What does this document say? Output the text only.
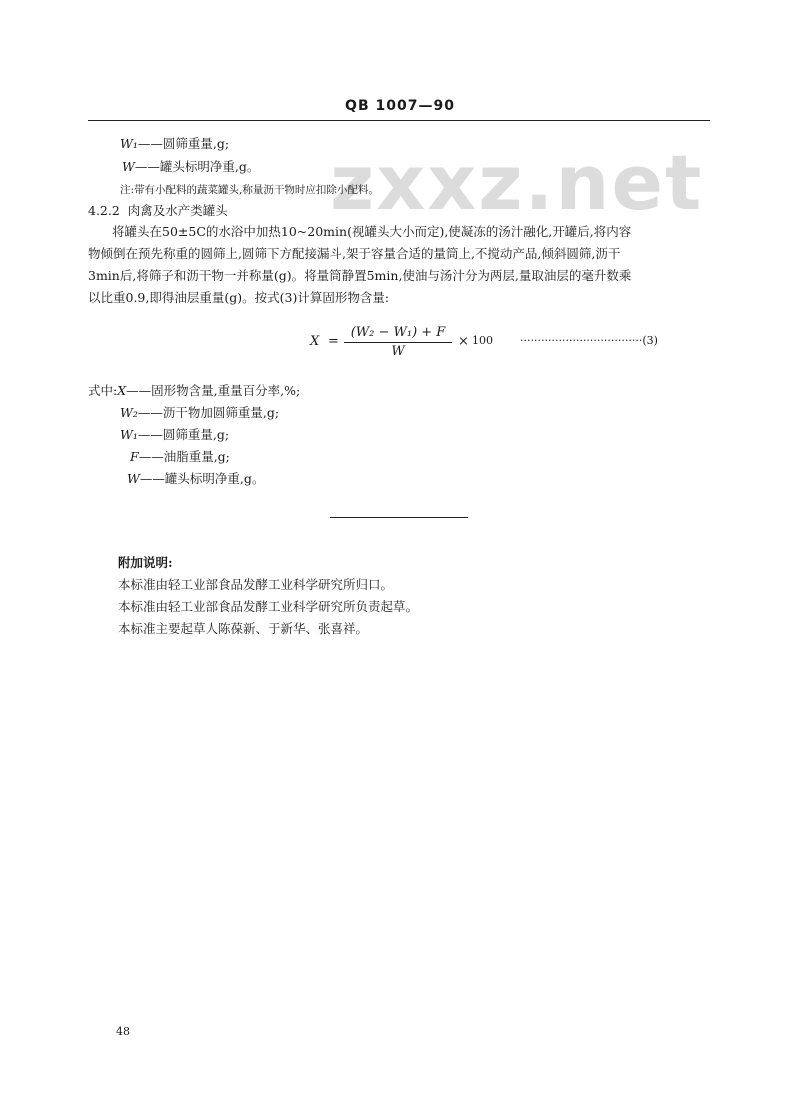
QB 1007—90
zxxz.net
W₁——圆筛重量,g;
W——罐头标明净重,g。
注:带有小配料的蔬菜罐头,称量沥干物时应扣除小配料。
4.2.2 肉禽及水产类罐头
将罐头在50±5C的水浴中加热10~20min(视罐头大小而定),使凝冻的汤汁融化,开罐后,将内容
物倾倒在预先称重的圆筛上,圆筛下方配接漏斗,架于容量合适的量筒上,不搅动产品,倾斜圆筛,沥干
3min后,将筛子和沥干物一并称量(g)。将量筒静置5min,使油与汤汁分为两层,量取油层的毫升数乘
以比重0.9,即得油层重量(g)。按式(3)计算固形物含量:
X =
(W₂ − W₁) + F
W
× 100 ···································(3)
式中:X——固形物含量,重量百分率,%;
W₂——沥干物加圆筛重量,g;
W₁——圆筛重量,g;
F——油脂重量,g;
W——罐头标明净重,g。
附加说明:
本标准由轻工业部食品发酵工业科学研究所归口。
本标准由轻工业部食品发酵工业科学研究所负责起草。
本标准主要起草人陈葆新、于新华、张喜祥。
48
